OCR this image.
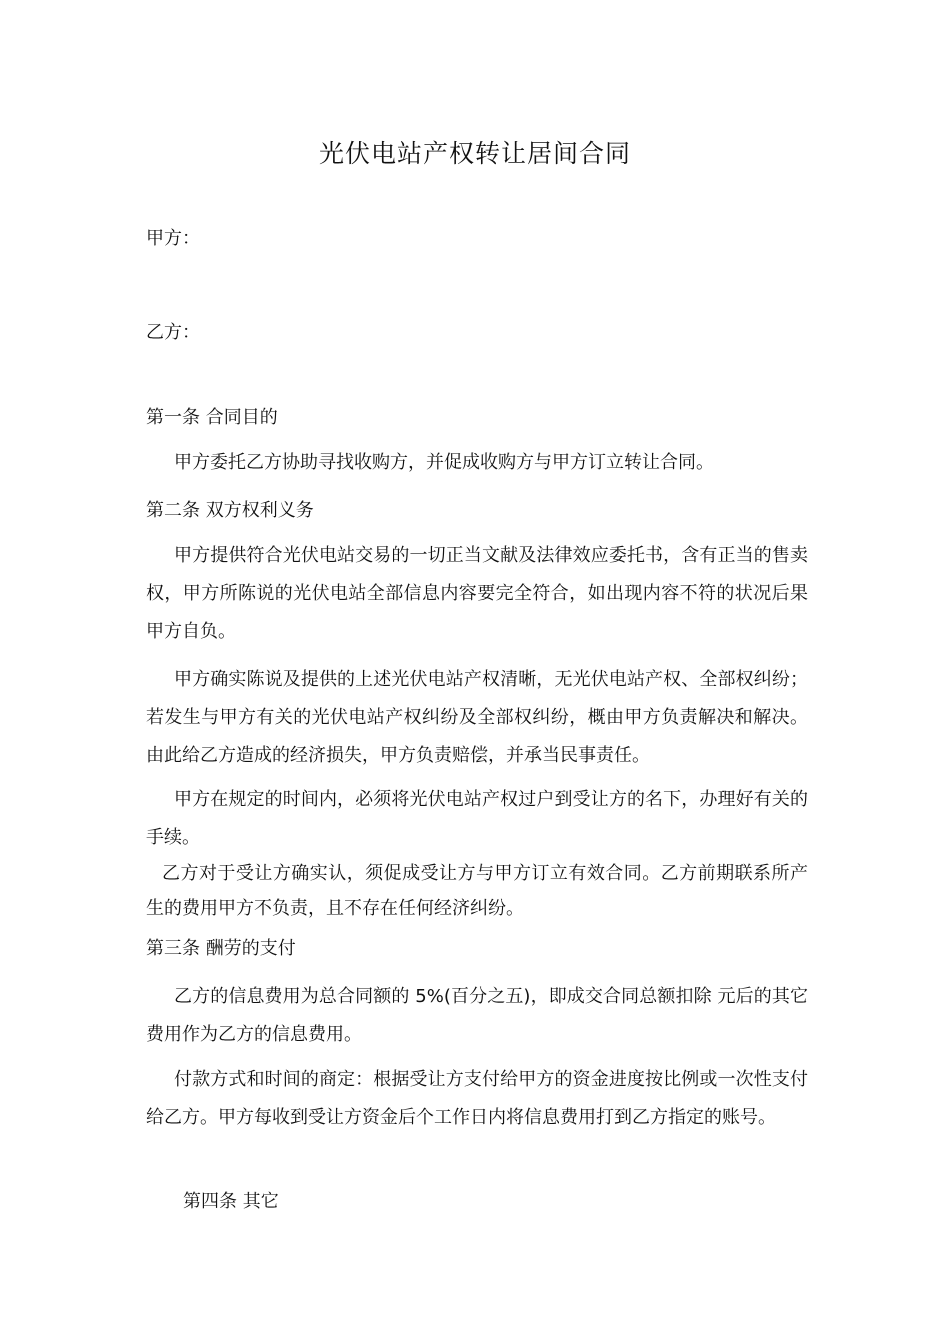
光伏电站产权转让居间合同
甲方：
乙方：
第一条 合同目的
甲方委托乙方协助寻找收购方，并促成收购方与甲方订立转让合同。
第二条 双方权利义务
甲方提供符合光伏电站交易的一切正当文献及法律效应委托书，含有正当的售卖权，甲方所陈说的光伏电站全部信息内容要完全符合，如出现内容不符的状况后果甲方自负。
甲方确实陈说及提供的上述光伏电站产权清晰，无光伏电站产权、全部权纠纷；若发生与甲方有关的光伏电站产权纠纷及全部权纠纷，概由甲方负责解决和解决。由此给乙方造成的经济损失，甲方负责赔偿，并承当民事责任。
甲方在规定的时间内，必须将光伏电站产权过户到受让方的名下，办理好有关的手续。
乙方对于受让方确实认，须促成受让方与甲方订立有效合同。乙方前期联系所产生的费用甲方不负责，且不存在任何经济纠纷。
第三条 酬劳的支付
乙方的信息费用为总合同额的 5%(百分之五)，即成交合同总额扣除 元后的其它费用作为乙方的信息费用。
付款方式和时间的商定：根据受让方支付给甲方的资金进度按比例或一次性支付给乙方。甲方每收到受让方资金后个工作日内将信息费用打到乙方指定的账号。
第四条 其它
